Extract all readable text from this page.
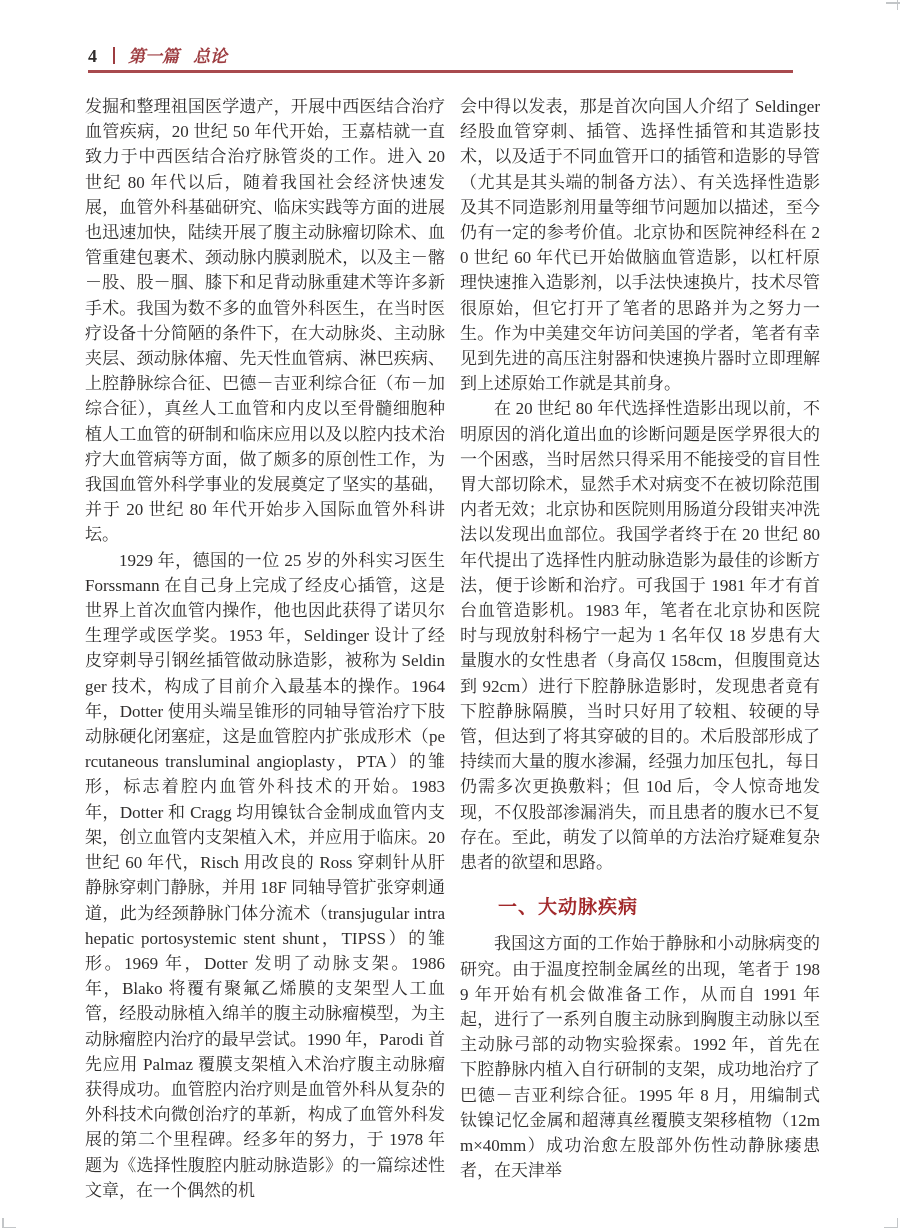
4 第一篇 总论

发掘和整理祖国医学遗产，开展中西医结合治疗血管疾病，20 世纪 50 年代开始，王嘉桔就一直致力于中西医结合治疗脉管炎的工作。进入 20 世纪 80 年代以后，随着我国社会经济快速发展，血管外科基础研究、临床实践等方面的进展也迅速加快，陆续开展了腹主动脉瘤切除术、血管重建包裹术、颈动脉内膜剥脱术，以及主－髂－股、股－腘、膝下和足背动脉重建术等许多新手术。我国为数不多的血管外科医生，在当时医疗设备十分简陋的条件下，在大动脉炎、主动脉夹层、颈动脉体瘤、先天性血管病、淋巴疾病、上腔静脉综合征、巴德－吉亚利综合征（布－加综合征），真丝人工血管和内皮以至骨髓细胞种植人工血管的研制和临床应用以及以腔内技术治疗大血管病等方面，做了颇多的原创性工作，为我国血管外科学事业的发展奠定了坚实的基础，并于 20 世纪 80 年代开始步入国际血管外科讲坛。

1929 年，德国的一位 25 岁的外科实习医生 Forssmann 在自己身上完成了经皮心插管，这是世界上首次血管内操作，他也因此获得了诺贝尔生理学或医学奖。1953 年，Seldinger 设计了经皮穿刺导引钢丝插管做动脉造影，被称为 Seldinger 技术，构成了目前介入最基本的操作。1964 年，Dotter 使用头端呈锥形的同轴导管治疗下肢动脉硬化闭塞症，这是血管腔内扩张成形术（percutaneous transluminal angioplasty，PTA）的雏形，标志着腔内血管外科技术的开始。1983 年，Dotter 和 Cragg 均用镍钛合金制成血管内支架，创立血管内支架植入术，并应用于临床。20 世纪 60 年代，Risch 用改良的 Ross 穿刺针从肝静脉穿刺门静脉，并用 18F 同轴导管扩张穿刺通道，此为经颈静脉门体分流术（transjugular intrahepatic portosystemic stent shunt，TIPSS）的雏形。1969 年，Dotter 发明了动脉支架。1986 年，Blako 将覆有聚氟乙烯膜的支架型人工血管，经股动脉植入绵羊的腹主动脉瘤模型，为主动脉瘤腔内治疗的最早尝试。1990 年，Parodi 首先应用 Palmaz 覆膜支架植入术治疗腹主动脉瘤获得成功。血管腔内治疗则是血管外科从复杂的外科技术向微创治疗的革新，构成了血管外科发展的第二个里程碑。经多年的努力，于 1978 年题为《选择性腹腔内脏动脉造影》的一篇综述性文章，在一个偶然的机

会中得以发表，那是首次向国人介绍了 Seldinger 经股血管穿刺、插管、选择性插管和其造影技术，以及适于不同血管开口的插管和造影的导管（尤其是其头端的制备方法）、有关选择性造影及其不同造影剂用量等细节问题加以描述，至今仍有一定的参考价值。北京协和医院神经科在 20 世纪 60 年代已开始做脑血管造影，以杠杆原理快速推入造影剂，以手法快速换片，技术尽管很原始，但它打开了笔者的思路并为之努力一生。作为中美建交年访问美国的学者，笔者有幸见到先进的高压注射器和快速换片器时立即理解到上述原始工作就是其前身。

在 20 世纪 80 年代选择性造影出现以前，不明原因的消化道出血的诊断问题是医学界很大的一个困惑，当时居然只得采用不能接受的盲目性胃大部切除术，显然手术对病变不在被切除范围内者无效；北京协和医院则用肠道分段钳夹冲洗法以发现出血部位。我国学者终于在 20 世纪 80 年代提出了选择性内脏动脉造影为最佳的诊断方法，便于诊断和治疗。可我国于 1981 年才有首台血管造影机。1983 年，笔者在北京协和医院时与现放射科杨宁一起为 1 名年仅 18 岁患有大量腹水的女性患者（身高仅 158cm，但腹围竟达到 92cm）进行下腔静脉造影时，发现患者竟有下腔静脉隔膜，当时只好用了较粗、较硬的导管，但达到了将其穿破的目的。术后股部形成了持续而大量的腹水渗漏，经强力加压包扎，每日仍需多次更换敷料；但 10d 后，令人惊奇地发现，不仅股部渗漏消失，而且患者的腹水已不复存在。至此，萌发了以简单的方法治疗疑难复杂患者的欲望和思路。

一、大动脉疾病

我国这方面的工作始于静脉和小动脉病变的研究。由于温度控制金属丝的出现，笔者于 1989 年开始有机会做准备工作，从而自 1991 年起，进行了一系列自腹主动脉到胸腹主动脉以至主动脉弓部的动物实验探索。1992 年，首先在下腔静脉内植入自行研制的支架，成功地治疗了巴德－吉亚利综合征。1995 年 8 月，用编制式钛镍记忆金属和超薄真丝覆膜支架移植物（12mm×40mm）成功治愈左股部外伤性动静脉瘘患者，在天津举
